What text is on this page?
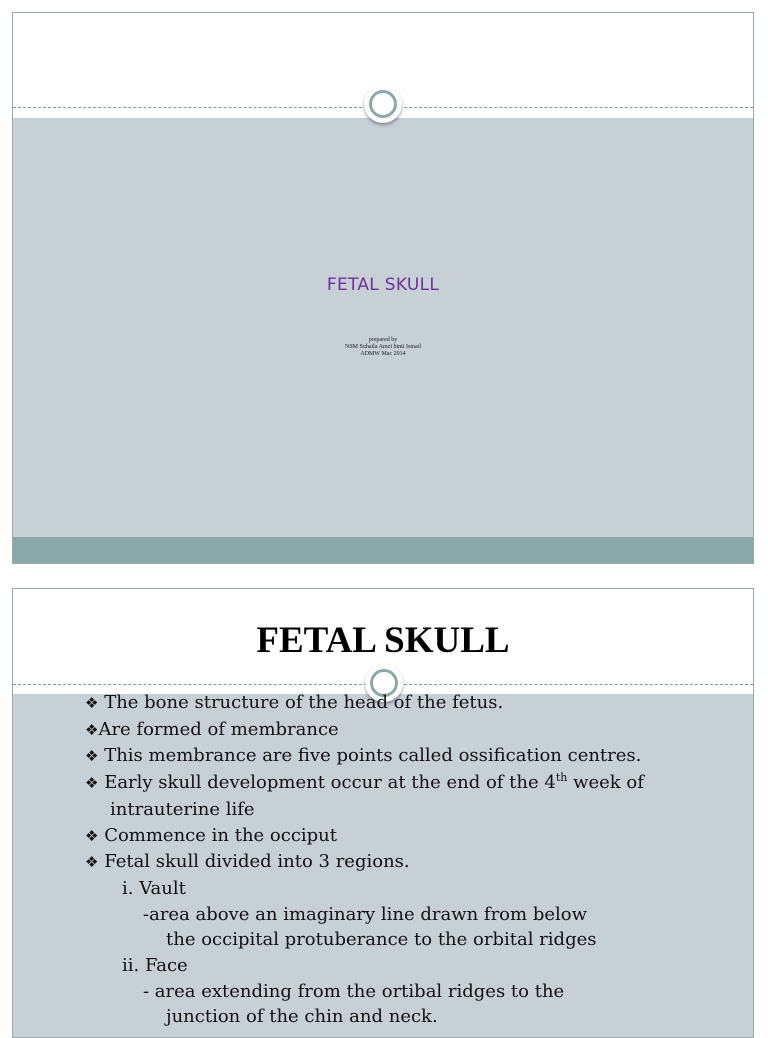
FETAL SKULL
prepared by
NSM Suhaila Amzi binti Ismail
ADMW Mac 2014
FETAL SKULL
❖ The bone structure of the head of the fetus.
❖Are formed of membrance
❖ This membrance are five points called ossification centres.
❖ Early skull development occur at the end of the 4th week of
intrauterine life
❖ Commence in the occiput
❖ Fetal skull divided into 3 regions.
i. Vault
-area above an imaginary line drawn from below
the occipital protuberance to the orbital ridges
ii. Face
- area extending from the ortibal ridges to the
junction of the chin and neck.
